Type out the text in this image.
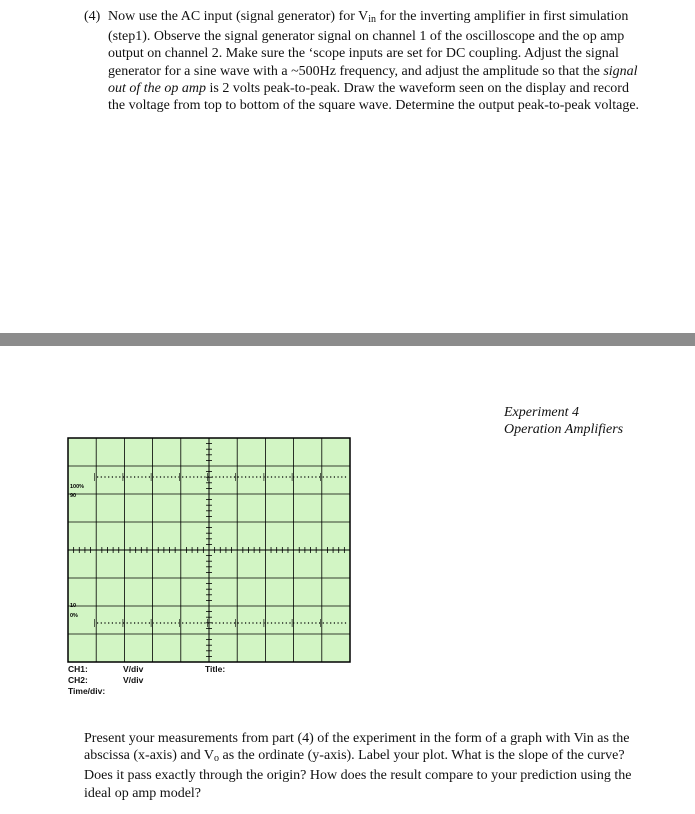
(4) Now use the AC input (signal generator) for $V_{in}$ for the inverting amplifier in first simulation (step1). Observe the signal generator signal on channel 1 of the oscilloscope and the op amp output on channel 2. Make sure the ‘scope inputs are set for DC coupling. Adjust the signal generator for a sine wave with a ~500Hz frequency, and adjust the amplitude so that the signal out of the op amp is 2 volts peak-to-peak. Draw the waveform seen on the display and record the voltage from top to bottom of the square wave. Determine the output peak-to-peak voltage.
Experiment 4
Operation Amplifiers
100%
90
10
0%
CH1:
CH2:
Time/div:
V/div
V/div
Title:
Present your measurements from part (4) of the experiment in the form of a graph with Vin as the abscissa (x-axis) and $V_o$ as the ordinate (y-axis). Label your plot. What is the slope of the curve? Does it pass exactly through the origin? How does the result compare to your prediction using the ideal op amp model?
